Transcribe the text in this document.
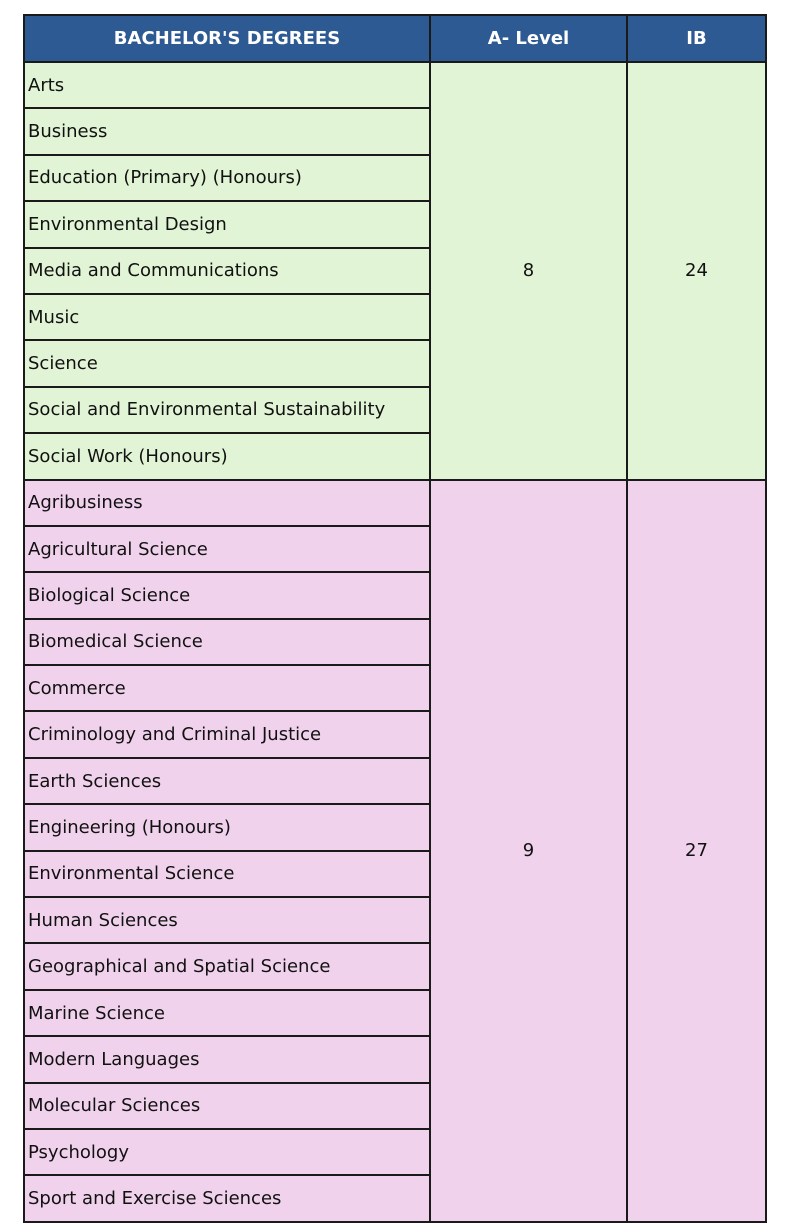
BACHELOR'S DEGREES	A- Level	IB
Arts	8	24
Business		
Education (Primary) (Honours)		
Environmental Design		
Media and Communications		
Music		
Science		
Social and Environmental Sustainability		
Social Work (Honours)		
Agribusiness	9	27
Agricultural Science		
Biological Science		
Biomedical Science		
Commerce		
Criminology and Criminal Justice		
Earth Sciences		
Engineering (Honours)		
Environmental Science		
Human Sciences		
Geographical and Spatial Science		
Marine Science		
Modern Languages		
Molecular Sciences		
Psychology		
Sport and Exercise Sciences		
